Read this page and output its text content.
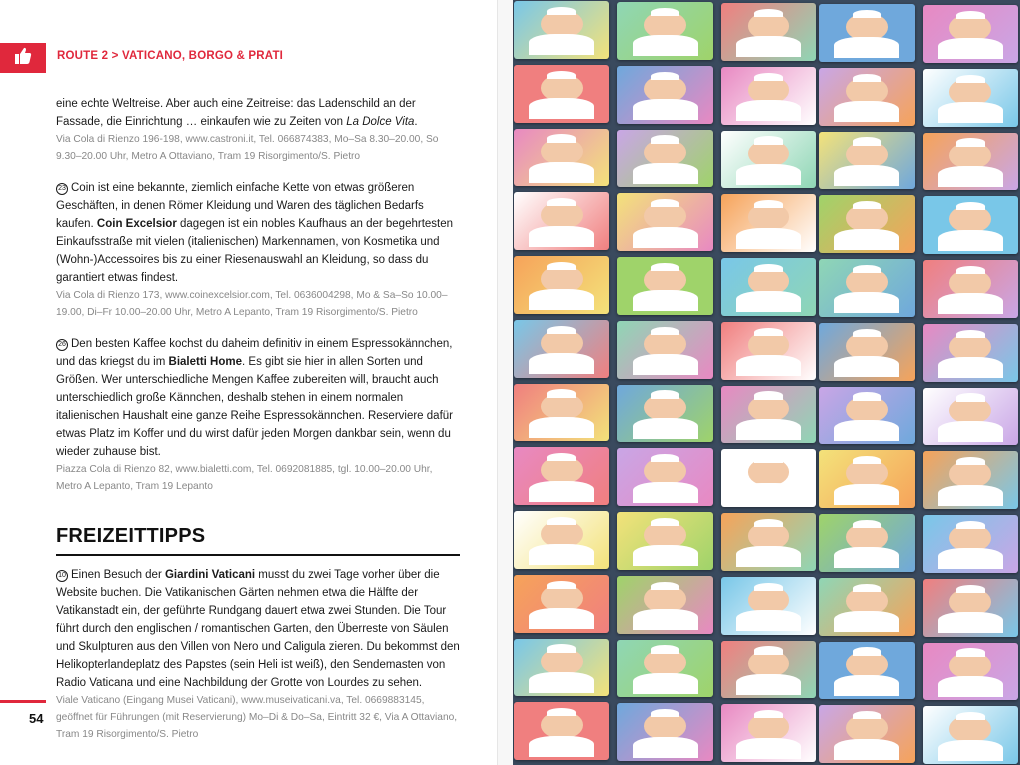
ROUTE 2 > VATICANO, BORGO & PRATI

eine echte Weltreise. Aber auch eine Zeitreise: das Ladenschild an der Fassade, die Einrichtung … einkaufen wie zu Zeiten von La Dolce Vita.

Via Cola di Rienzo 196-198, www.castroni.it, Tel. 066874383, Mo–Sa 8.30–20.00, So 9.30–20.00 Uhr, Metro A Ottaviano, Tram 19 Risorgimento/S. Pietro

23 Coin ist eine bekannte, ziemlich einfache Kette von etwas größeren Geschäften, in denen Römer Kleidung und Waren des täglichen Bedarfs kaufen. Coin Excelsior dagegen ist ein nobles Kaufhaus an der begehrtesten Einkaufsstraße mit vielen (italienischen) Markennamen, von Kosmetika und (Wohn-)Accessoires bis zu einer Riesenauswahl an Kleidung, so dass du garantiert etwas findest.

Via Cola di Rienzo 173, www.coinexcelsior.com, Tel. 0636004298, Mo & Sa–So 10.00–19.00, Di–Fr 10.00–20.00 Uhr, Metro A Lepanto, Tram 19 Risorgimento/S. Pietro

26 Den besten Kaffee kochst du daheim definitiv in einem Espressokännchen, und das kriegst du im Bialetti Home. Es gibt sie hier in allen Sorten und Größen. Wer unterschiedliche Mengen Kaffee zubereiten will, braucht auch unterschiedlich große Kännchen, deshalb stehen in einem normalen italienischen Haushalt eine ganze Reihe Espressokännchen. Reserviere dafür etwas Platz im Koffer und du wirst dafür jeden Morgen dankbar sein, wenn du wieder zuhause bist.

Piazza Cola di Rienzo 82, www.bialetti.com, Tel. 0692081885, tgl. 10.00–20.00 Uhr, Metro A Lepanto, Tram 19 Lepanto

FREIZEITTIPPS

10 Einen Besuch der Giardini Vaticani musst du zwei Tage vorher über die Website buchen. Die Vatikanischen Gärten nehmen etwa die Hälfte der Vatikanstadt ein, der geführte Rundgang dauert etwa zwei Stunden. Die Tour führt durch den englischen / romantischen Garten, den Überreste von Säulen und Skulpturen aus den Villen von Nero und Caligula zieren. Du bekommst den Helikopterlandeplatz des Papstes (sein Heli ist weiß), den Sendemasten von Radio Vaticana und eine Nachbildung der Grotte von Lourdes zu sehen.

Viale Vaticano (Eingang Musei Vaticani), www.museivaticani.va, Tel. 0669883145, geöffnet für Führungen (mit Reservierung) Mo–Di & Do–Sa, Eintritt 32 €, Via A Ottaviano, Tram 19 Risorgimento/S. Pietro

54
